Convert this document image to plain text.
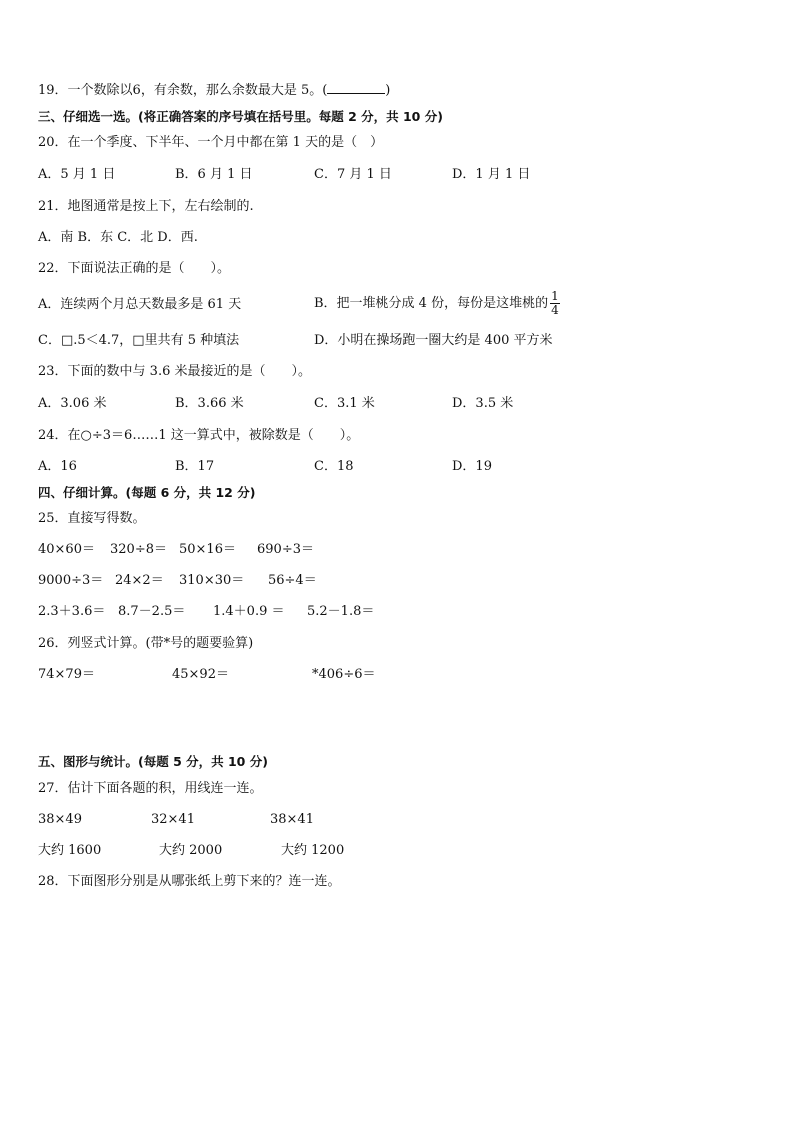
19．一个数除以6，有余数，那么余数最大是 5。(	)
三、仔细选一选。(将正确答案的序号填在括号里。每题 2 分，共 10 分)
20．在一个季度、下半年、一个月中都在第 1 天的是（　）
A．5 月 1 日	B．6 月 1 日	C．7 月 1 日	D．1 月 1 日
21．地图通常是按上下，左右绘制的.
A．南 B．东 C．北 D．西.
22．下面说法正确的是（　　）。
A．连续两个月总天数最多是 61 天	B．把一堆桃分成 4 份，每份是这堆桃的 $\frac{1}{4}$
C．□.5＜4.7，□里共有 5 种填法	D．小明在操场跑一圈大约是 400 平方米
23．下面的数中与 3.6 米最接近的是（　　）。
A．3.06 米	B．3.66 米	C．3.1 米	D．3.5 米
24．在○÷3＝6……1 这一算式中，被除数是（　　）。
A．16	B．17	C．18	D．19
四、仔细计算。(每题 6 分，共 12 分)
25．直接写得数。
40×60＝ 320÷8＝ 50×16＝ 690÷3＝
9000÷3＝ 24×2＝ 310×30＝ 56÷4＝
2.3＋3.6＝ 8.7－2.5＝ 1.4＋0.9 ＝ 5.2－1.8＝
26．列竖式计算。(带*号的题要验算)
74×79＝	45×92＝	*406÷6＝
五、图形与统计。(每题 5 分，共 10 分)
27．估计下面各题的积，用线连一连。
38×49	32×41	38×41
大约 1600	大约 2000	大约 1200
28．下面图形分别是从哪张纸上剪下来的？连一连。
